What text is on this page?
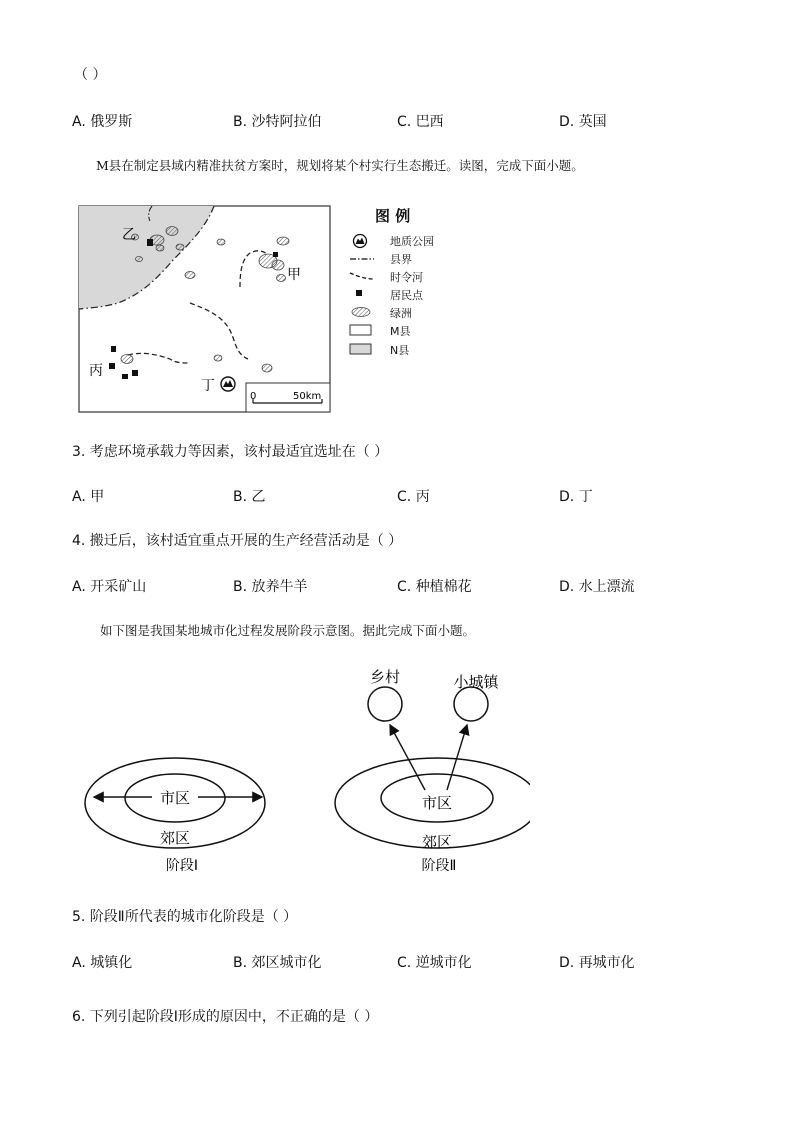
（ ）
A. 俄罗斯	B. 沙特阿拉伯	C. 巴西	D. 英国
M县在制定县域内精准扶贫方案时，规划将某个村实行生态搬迁。读图，完成下面小题。
乙
甲
丙
丁
0	50km
图 例
地质公园
县界
时令河
居民点
绿洲
M县
N县
3. 考虑环境承载力等因素，该村最适宜选址在（ ）
A. 甲	B. 乙	C. 丙	D. 丁
4. 搬迁后，该村适宜重点开展的生产经营活动是（ ）
A. 开采矿山	B. 放养牛羊	C. 种植棉花	D. 水上漂流
如下图是我国某地城市化过程发展阶段示意图。据此完成下面小题。
市区
郊区
阶段Ⅰ
市区
郊区
乡村	小城镇
阶段Ⅱ
5. 阶段Ⅱ所代表的城市化阶段是（ ）
A. 城镇化	B. 郊区城市化	C. 逆城市化	D. 再城市化
6. 下列引起阶段Ⅰ形成的原因中，不正确的是（ ）
